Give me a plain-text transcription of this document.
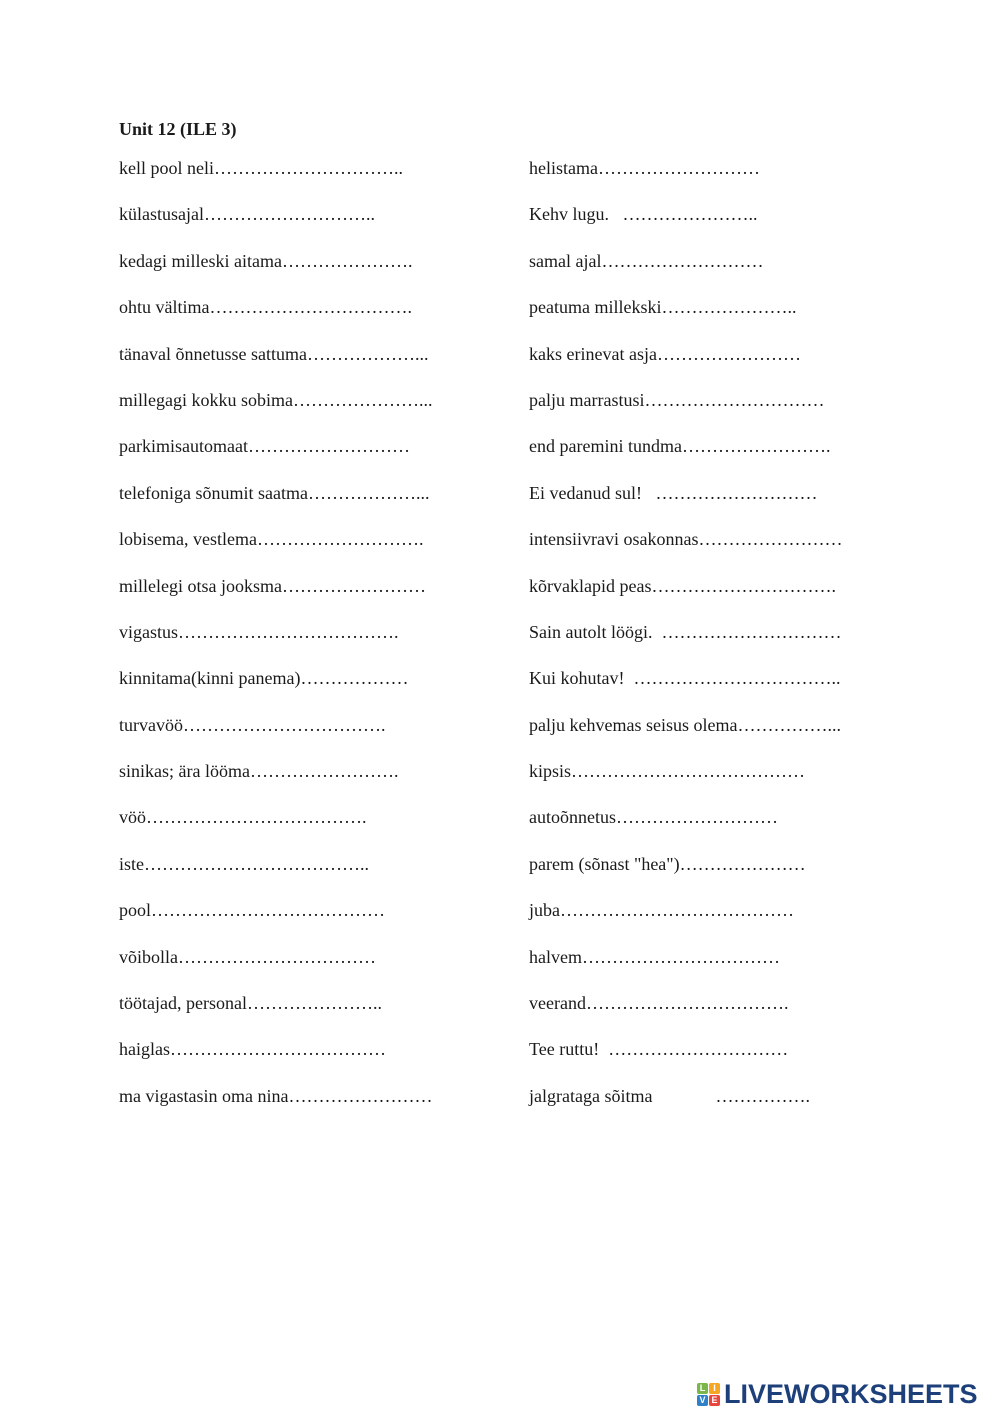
Unit 12 (ILE 3)
kell pool neli…………………………..
külastusajal………………………..
kedagi milleski aitama………………….
ohtu vältima…………………………….
tänaval õnnetusse sattuma………………...
millegagi kokku sobima…………………...
parkimisautomaat………………………
telefoniga sõnumit saatma………………...
lobisema, vestlema……………………….
millelegi otsa jooksma……………………
vigastus……………………………….
kinnitama(kinni panema)………………
turvavöö…………………………….
sinikas; ära lööma…………………….
vöö……………………………….
iste………………………………..
pool…………………………………
võibolla……………………………
töötajad, personal…………………..
haiglas………………………………
ma vigastasin oma nina……………………
helistama………………………
Kehv lugu.   …………………..
samal ajal………………………
peatuma millekski…………………..
kaks erinevat asja……………………
palju marrastusi…………………………
end paremini tundma…………………….
Ei vedanud sul!   ………………………
intensiivravi osakonnas……………………
kõrvaklapid peas………………………….
Sain autolt löögi.  …………………………
Kui kohutav!  ……………………………..
palju kehvemas seisus olema……………...
kipsis…………………………………
autoõnnetus………………………
parem (sõnast "hea")…………………
juba…………………………………
halvem……………………………
veerand…………………………….
Tee ruttu!  …………………………
jalgrataga sõitma              …………….
L I
V E LIVEWORKSHEETS
